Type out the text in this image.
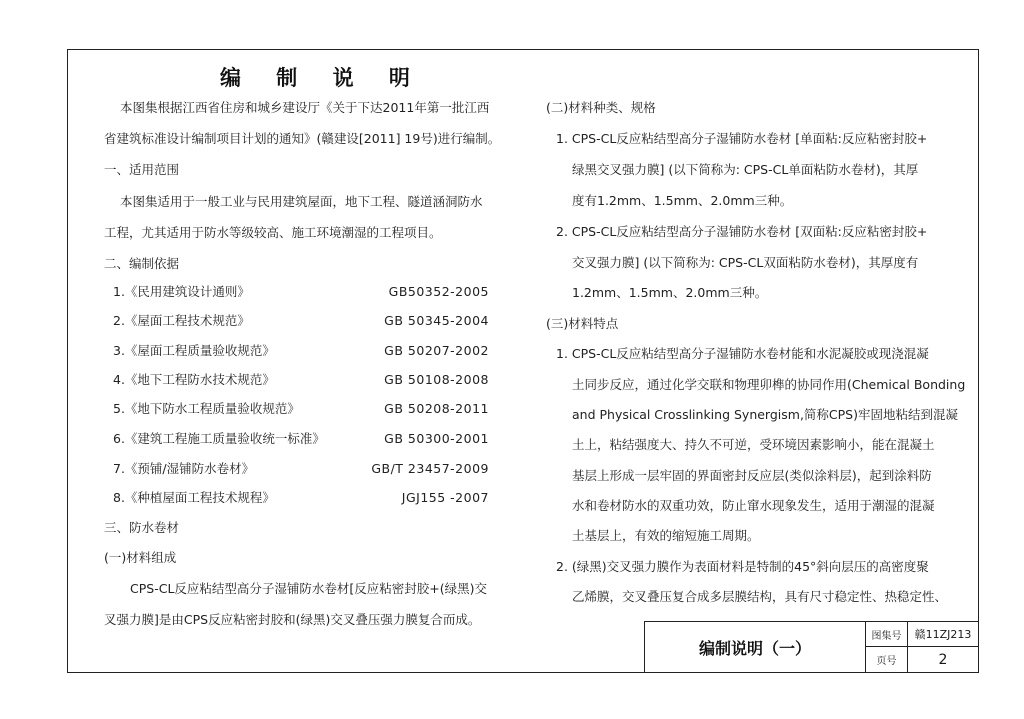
编 制 说 明
本图集根据江西省住房和城乡建设厅《关于下达2011年第一批江西
省建筑标准设计编制项目计划的通知》(赣建设[2011] 19号)进行编制。
一、适用范围
本图集适用于一般工业与民用建筑屋面，地下工程、隧道涵洞防水
工程，尤其适用于防水等级较高、施工环境潮湿的工程项目。
二、编制依据
1.《民用建筑设计通则》	GB50352-2005
2.《屋面工程技术规范》	GB 50345-2004
3.《屋面工程质量验收规范》	GB 50207-2002
4.《地下工程防水技术规范》	GB 50108-2008
5.《地下防水工程质量验收规范》	GB 50208-2011
6.《建筑工程施工质量验收统一标准》	GB 50300-2001
7.《预铺/湿铺防水卷材》	GB/T 23457-2009
8.《种植屋面工程技术规程》	JGJ155 -2007
三、防水卷材
(一)材料组成
CPS-CL反应粘结型高分子湿铺防水卷材[反应粘密封胶+(绿黑)交
叉强力膜]是由CPS反应粘密封胶和(绿黑)交叉叠压强力膜复合而成。
(二)材料种类、规格
1. CPS-CL反应粘结型高分子湿铺防水卷材 [单面粘:反应粘密封胶+
绿黑交叉强力膜] (以下简称为: CPS-CL单面粘防水卷材)，其厚
度有1.2mm、1.5mm、2.0mm三种。
2. CPS-CL反应粘结型高分子湿铺防水卷材 [双面粘:反应粘密封胶+
交叉强力膜] (以下简称为: CPS-CL双面粘防水卷材)，其厚度有
1.2mm、1.5mm、2.0mm三种。
(三)材料特点
1. CPS-CL反应粘结型高分子湿铺防水卷材能和水泥凝胶或现浇混凝
土同步反应，通过化学交联和物理卯榫的协同作用(Chemical Bonding
and Physical Crosslinking Synergism,简称CPS)牢固地粘结到混凝
土上，粘结强度大、持久不可逆，受环境因素影响小，能在混凝土
基层上形成一层牢固的界面密封反应层(类似涂料层)，起到涂料防
水和卷材防水的双重功效，防止窜水现象发生，适用于潮湿的混凝
土基层上，有效的缩短施工周期。
2. (绿黑)交叉强力膜作为表面材料是特制的45°斜向层压的高密度聚
乙烯膜，交叉叠压复合成多层膜结构，具有尺寸稳定性、热稳定性、
编制说明（一）
图集号	赣11ZJ213
页号	2
